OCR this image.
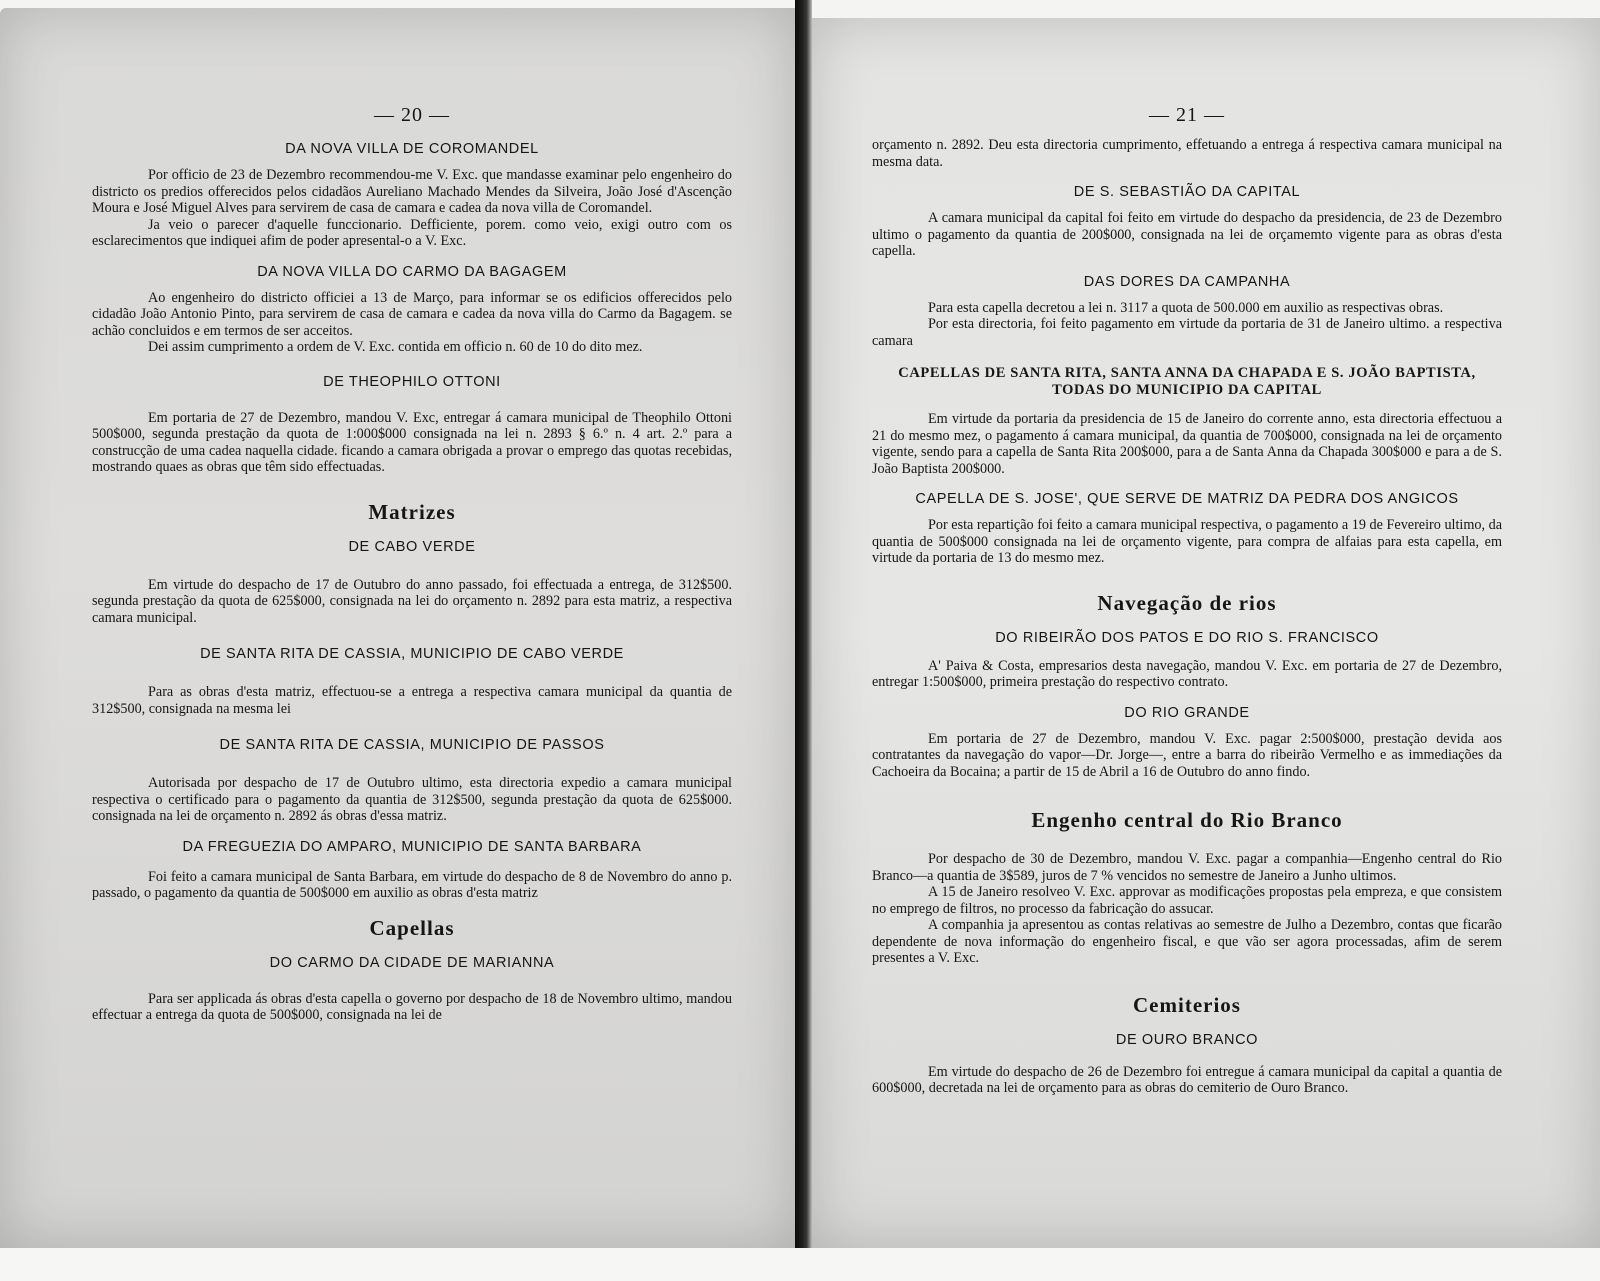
— 20 —
DA NOVA VILLA DE COROMANDEL

Por officio de 23 de Dezembro recommendou-me V. Exc. que mandasse examinar pelo engenheiro do districto os predios offerecidos pelos cidadãos Aureliano Machado Mendes da Silveira, João José d'Ascenção Moura e José Miguel Alves para servirem de casa de camara e cadea da nova villa de Coromandel.

Ja veio o parecer d'aquelle funccionario. Defficiente, porem. como veio, exigi outro com os esclarecimentos que indiquei afim de poder apresental-o a V. Exc.

DA NOVA VILLA DO CARMO DA BAGAGEM

Ao engenheiro do districto officiei a 13 de Março, para informar se os edificios offerecidos pelo cidadão João Antonio Pinto, para servirem de casa de camara e cadea da nova villa do Carmo da Bagagem. se achão concluidos e em termos de ser acceitos.

Dei assim cumprimento a ordem de V. Exc. contida em officio n. 60 de 10 do dito mez.

DE THEOPHILO OTTONI

Em portaria de 27 de Dezembro, mandou V. Exc, entregar á camara municipal de Theophilo Ottoni 500$000, segunda prestação da quota de 1:000$000 consignada na lei n. 2893 § 6.º n. 4 art. 2.º para a construcção de uma cadea naquella cidade. ficando a camara obrigada a provar o emprego das quotas recebidas, mostrando quaes as obras que têm sido effectuadas.

Matrizes
DE CABO VERDE

Em virtude do despacho de 17 de Outubro do anno passado, foi effectuada a entrega, de 312$500. segunda prestação da quota de 625$000, consignada na lei do orçamento n. 2892 para esta matriz, a respectiva camara municipal.

DE SANTA RITA DE CASSIA, MUNICIPIO DE CABO VERDE

Para as obras d'esta matriz, effectuou-se a entrega a respectiva camara municipal da quantia de 312$500, consignada na mesma lei

DE SANTA RITA DE CASSIA, MUNICIPIO DE PASSOS

Autorisada por despacho de 17 de Outubro ultimo, esta directoria expedio a camara municipal respectiva o certificado para o pagamento da quantia de 312$500, segunda prestação da quota de 625$000. consignada na lei de orçamento n. 2892 ás obras d'essa matriz.

DA FREGUEZIA DO AMPARO, MUNICIPIO DE SANTA BARBARA

Foi feito a camara municipal de Santa Barbara, em virtude do despacho de 8 de Novembro do anno p. passado, o pagamento da quantia de 500$000 em auxilio as obras d'esta matriz

Capellas
DO CARMO DA CIDADE DE MARIANNA

Para ser applicada ás obras d'esta capella o governo por despacho de 18 de Novembro ultimo, mandou effectuar a entrega da quota de 500$000, consignada na lei de

— 21 —

orçamento n. 2892. Deu esta directoria cumprimento, effetuando a entrega á respectiva camara municipal na mesma data.

DE S. SEBASTIÃO DA CAPITAL

A camara municipal da capital foi feito em virtude do despacho da presidencia, de 23 de Dezembro ultimo o pagamento da quantia de 200$000, consignada na lei de orçamemto vigente para as obras d'esta capella.

DAS DORES DA CAMPANHA

Para esta capella decretou a lei n. 3117 a quota de 500.000 em auxilio as respectivas obras.

Por esta directoria, foi feito pagamento em virtude da portaria de 31 de Janeiro ultimo. a respectiva camara

CAPELLAS DE SANTA RITA, SANTA ANNA DA CHAPADA E S. JOÃO BAPTISTA, TODAS DO MUNICIPIO DA CAPITAL

Em virtude da portaria da presidencia de 15 de Janeiro do corrente anno, esta directoria effectuou a 21 do mesmo mez, o pagamento á camara municipal, da quantia de 700$000, consignada na lei de orçamento vigente, sendo para a capella de Santa Rita 200$000, para a de Santa Anna da Chapada 300$000 e para a de S. João Baptista 200$000.

CAPELLA DE S. JOSE', QUE SERVE DE MATRIZ DA PEDRA DOS ANGICOS

Por esta repartição foi feito a camara municipal respectiva, o pagamento a 19 de Fevereiro ultimo, da quantia de 500$000 consignada na lei de orçamento vigente, para compra de alfaias para esta capella, em virtude da portaria de 13 do mesmo mez.

Navegação de rios
DO RIBEIRÃO DOS PATOS E DO RIO S. FRANCISCO

A' Paiva & Costa, empresarios desta navegação, mandou V. Exc. em portaria de 27 de Dezembro, entregar 1:500$000, primeira prestação do respectivo contrato.

DO RIO GRANDE

Em portaria de 27 de Dezembro, mandou V. Exc. pagar 2:500$000, prestação devida aos contratantes da navegação do vapor—Dr. Jorge—, entre a barra do ribeirão Vermelho e as immediações da Cachoeira da Bocaina; a partir de 15 de Abril a 16 de Outubro do anno findo.

Engenho central do Rio Branco

Por despacho de 30 de Dezembro, mandou V. Exc. pagar a companhia—Engenho central do Rio Branco—a quantia de 3$589, juros de 7 % vencidos no semestre de Janeiro a Junho ultimos.

A 15 de Janeiro resolveo V. Exc. approvar as modificações propostas pela empreza, e que consistem no emprego de filtros, no processo da fabricação do assucar.

A companhia ja apresentou as contas relativas ao semestre de Julho a Dezembro, contas que ficarão dependente de nova informação do engenheiro fiscal, e que vão ser agora processadas, afim de serem presentes a V. Exc.

Cemiterios
DE OURO BRANCO

Em virtude do despacho de 26 de Dezembro foi entregue á camara municipal da capital a quantia de 600$000, decretada na lei de orçamento para as obras do cemiterio de Ouro Branco.
